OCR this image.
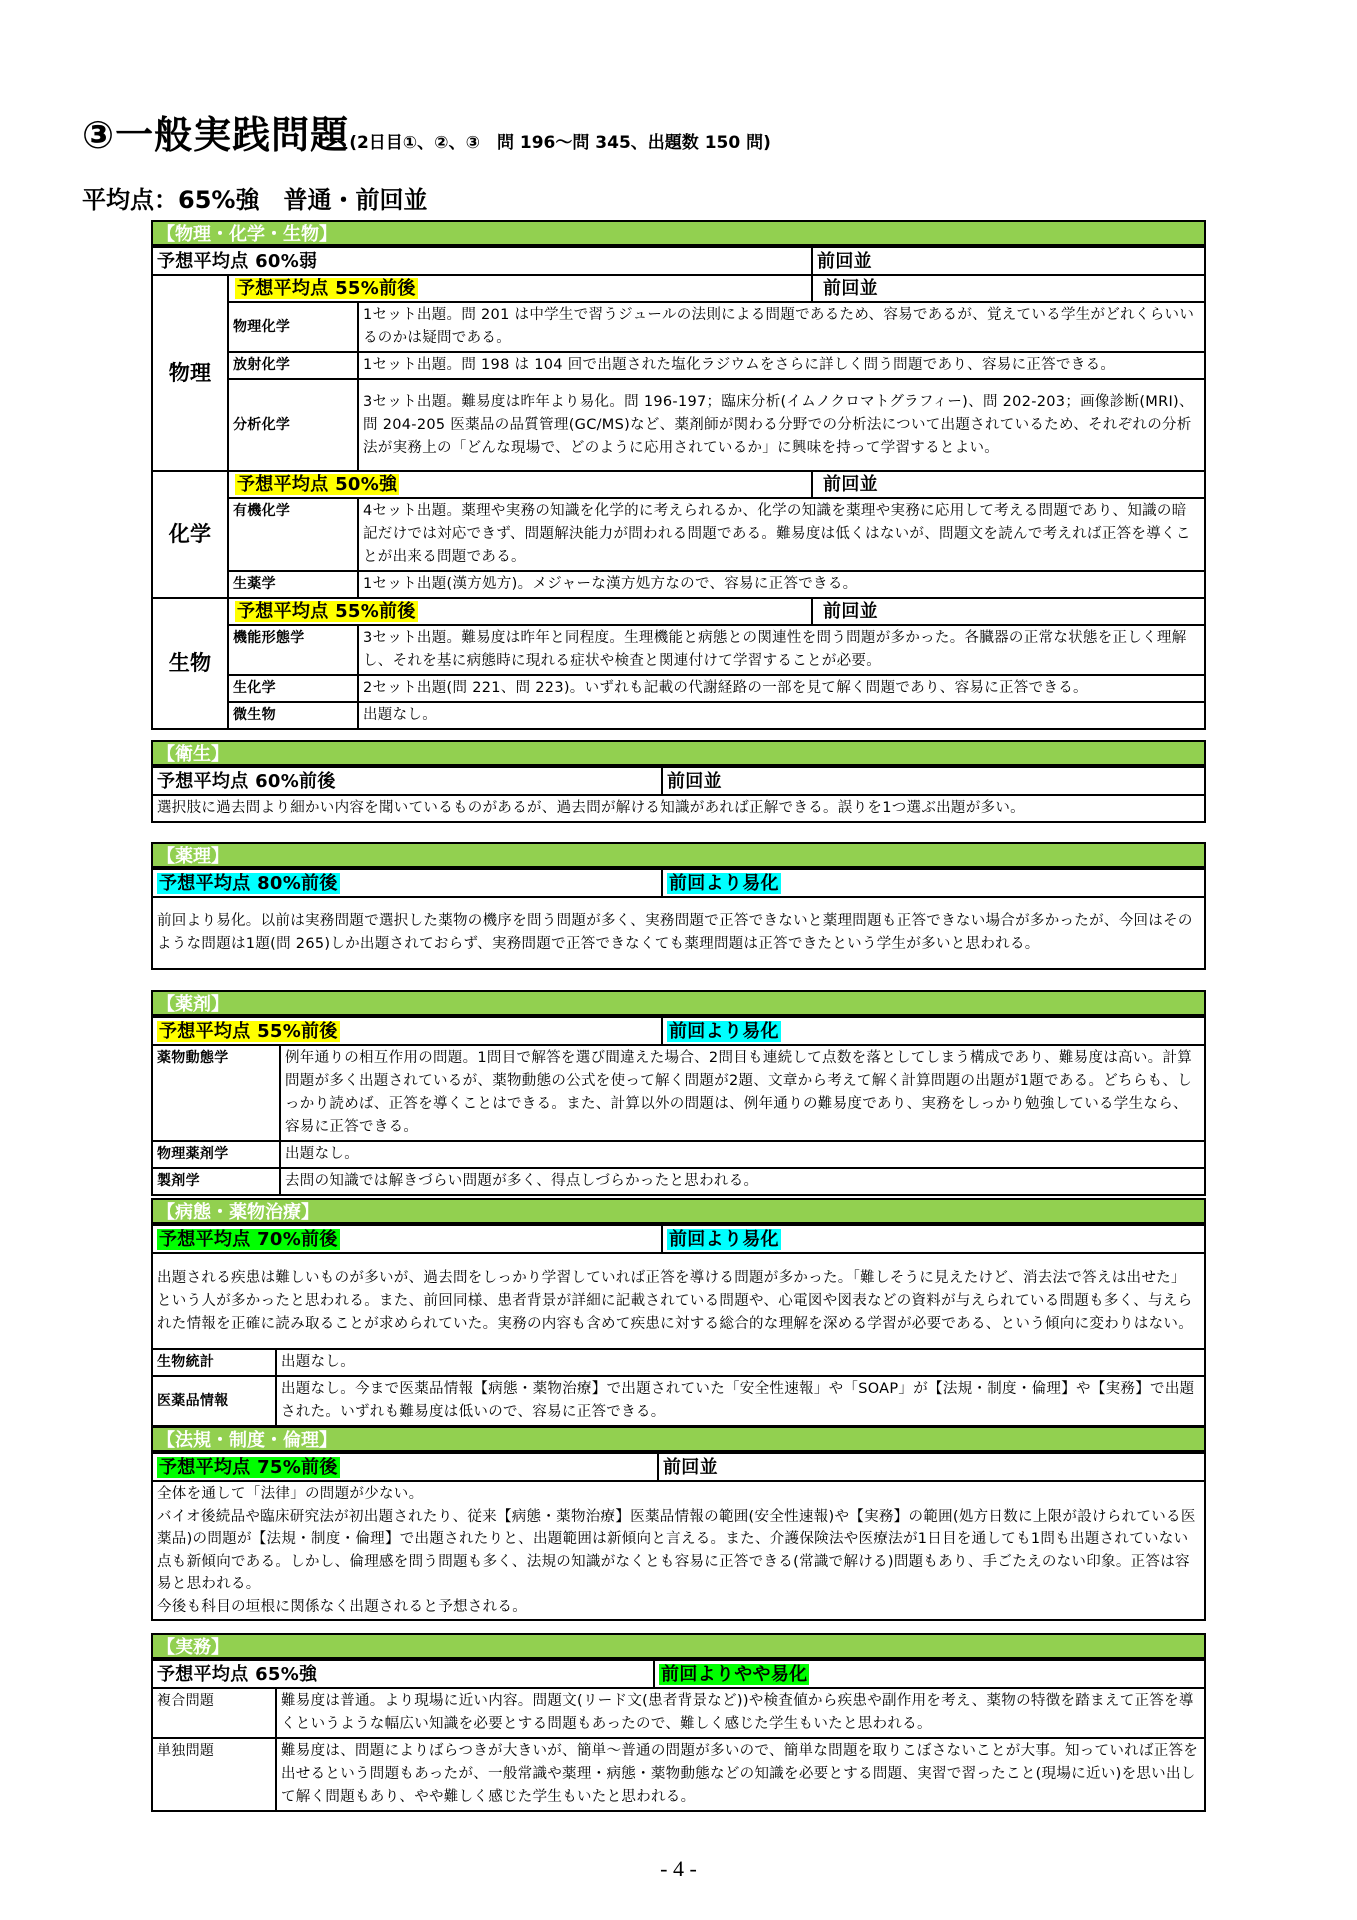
③一般実践問題(2日目①、②、③　問 196〜問 345、出題数 150 問)
平均点：65%強　普通・前回並
【物理・化学・生物】
予想平均点 60%弱			前回並
物理	予想平均点 55%前後		前回並
	物理化学	1セット出題。問 201 は中学生で習うジュールの法則による問題であるため、容易であるが、覚えている学生がどれくらいいるのかは疑問である。	
	放射化学	1セット出題。問 198 は 104 回で出題された塩化ラジウムをさらに詳しく問う問題であり、容易に正答できる。	
	分析化学	3セット出題。難易度は昨年より易化。問 196-197；臨床分析(イムノクロマトグラフィー)、問 202-203；画像診断(MRI)、問 204-205 医薬品の品質管理(GC/MS)など、薬剤師が関わる分野での分析法について出題されているため、それぞれの分析法が実務上の「どんな現場で、どのように応用されているか」に興味を持って学習するとよい。	
化学	予想平均点 50%強		前回並
	有機化学	4セット出題。薬理や実務の知識を化学的に考えられるか、化学の知識を薬理や実務に応用して考える問題であり、知識の暗記だけでは対応できず、問題解決能力が問われる問題である。難易度は低くはないが、問題文を読んで考えれば正答を導くことが出来る問題である。	
	生薬学	1セット出題(漢方処方)。メジャーな漢方処方なので、容易に正答できる。	
生物	予想平均点 55%前後		前回並
	機能形態学	3セット出題。難易度は昨年と同程度。生理機能と病態との関連性を問う問題が多かった。各臓器の正常な状態を正しく理解し、それを基に病態時に現れる症状や検査と関連付けて学習することが必要。	
	生化学	2セット出題(問 221、問 223)。いずれも記載の代謝経路の一部を見て解く問題であり、容易に正答できる。	
	微生物	出題なし。	
【衛生】
予想平均点 60%前後	前回並
選択肢に過去問より細かい内容を聞いているものがあるが、過去問が解ける知識があれば正解できる。誤りを1つ選ぶ出題が多い。
【薬理】
予想平均点 80%前後	前回より易化
前回より易化。以前は実務問題で選択した薬物の機序を問う問題が多く、実務問題で正答できないと薬理問題も正答できない場合が多かったが、今回はそのような問題は1題(問 265)しか出題されておらず、実務問題で正答できなくても薬理問題は正答できたという学生が多いと思われる。
【薬剤】
予想平均点 55%前後		前回より易化
薬物動態学	例年通りの相互作用の問題。1問目で解答を選び間違えた場合、2問目も連続して点数を落としてしまう構成であり、難易度は高い。計算問題が多く出題されているが、薬物動態の公式を使って解く問題が2題、文章から考えて解く計算問題の出題が1題である。どちらも、しっかり読めば、正答を導くことはできる。また、計算以外の問題は、例年通りの難易度であり、実務をしっかり勉強している学生なら、容易に正答できる。	
物理薬剤学	出題なし。	
製剤学	去問の知識では解きづらい問題が多く、得点しづらかったと思われる。	
【病態・薬物治療】
予想平均点 70%前後		前回より易化
出題される疾患は難しいものが多いが、過去問をしっかり学習していれば正答を導ける問題が多かった。「難しそうに見えたけど、消去法で答えは出せた」という人が多かったと思われる。また、前回同様、患者背景が詳細に記載されている問題や、心電図や図表などの資料が与えられている問題も多く、与えられた情報を正確に読み取ることが求められていた。実務の内容も含めて疾患に対する総合的な理解を深める学習が必要である、という傾向に変わりはない。		
生物統計	出題なし。	
医薬品情報	出題なし。今まで医薬品情報【病態・薬物治療】で出題されていた「安全性速報」や「SOAP」が【法規・制度・倫理】や【実務】で出題された。いずれも難易度は低いので、容易に正答できる。	
【法規・制度・倫理】
予想平均点 75%前後	前回並

全体を通して「法律」の問題が少ない。
バイオ後続品や臨床研究法が初出題されたり、従来【病態・薬物治療】医薬品情報の範囲(安全性速報)や【実務】の範囲(処方日数に上限が設けられている医薬品)の問題が【法規・制度・倫理】で出題されたりと、出題範囲は新傾向と言える。また、介護保険法や医療法が1日目を通しても1問も出題されていない点も新傾向である。しかし、倫理感を問う問題も多く、法規の知識がなくとも容易に正答できる(常識で解ける)問題もあり、手ごたえのない印象。正答は容易と思われる。
今後も科目の垣根に関係なく出題されると予想される。
【実務】
予想平均点 65%強		前回よりやや易化
複合問題	難易度は普通。より現場に近い内容。問題文(リード文(患者背景など))や検査値から疾患や副作用を考え、薬物の特徴を踏まえて正答を導くというような幅広い知識を必要とする問題もあったので、難しく感じた学生もいたと思われる。	
単独問題	難易度は、問題によりばらつきが大きいが、簡単〜普通の問題が多いので、簡単な問題を取りこぼさないことが大事。知っていれば正答を出せるという問題もあったが、一般常識や薬理・病態・薬物動態などの知識を必要とする問題、実習で習ったこと(現場に近い)を思い出して解く問題もあり、やや難しく感じた学生もいたと思われる。	
- 4 -
